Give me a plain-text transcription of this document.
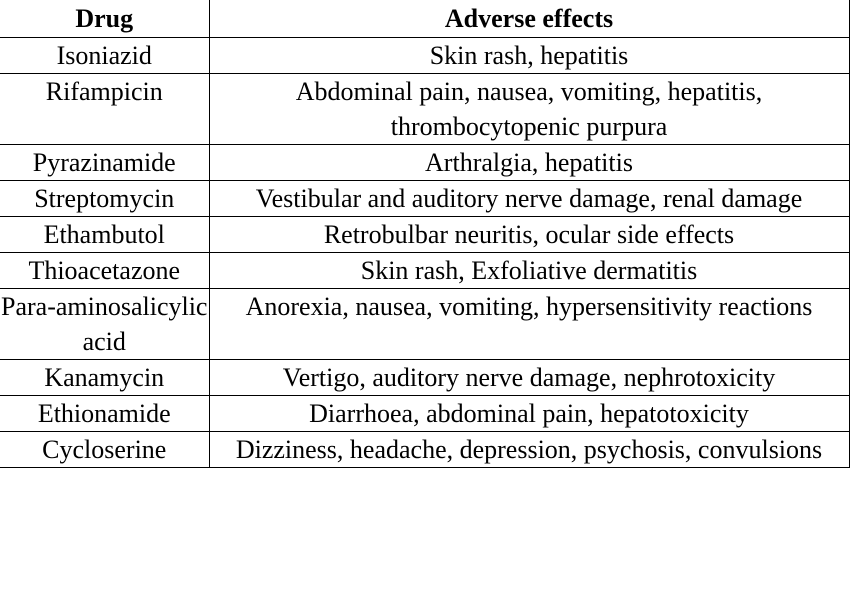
Drug	Adverse effects
Isoniazid	Skin rash, hepatitis
Rifampicin	Abdominal pain, nausea, vomiting, hepatitis, thrombocytopenic purpura
Pyrazinamide	Arthralgia, hepatitis
Streptomycin	Vestibular and auditory nerve damage, renal damage
Ethambutol	Retrobulbar neuritis, ocular side effects
Thioacetazone	Skin rash, Exfoliative dermatitis
Para-aminosalicylic acid	Anorexia, nausea, vomiting, hypersensitivity reactions
Kanamycin	Vertigo, auditory nerve damage, nephrotoxicity
Ethionamide	Diarrhoea, abdominal pain, hepatotoxicity
Cycloserine	Dizziness, headache, depression, psychosis, convulsions
